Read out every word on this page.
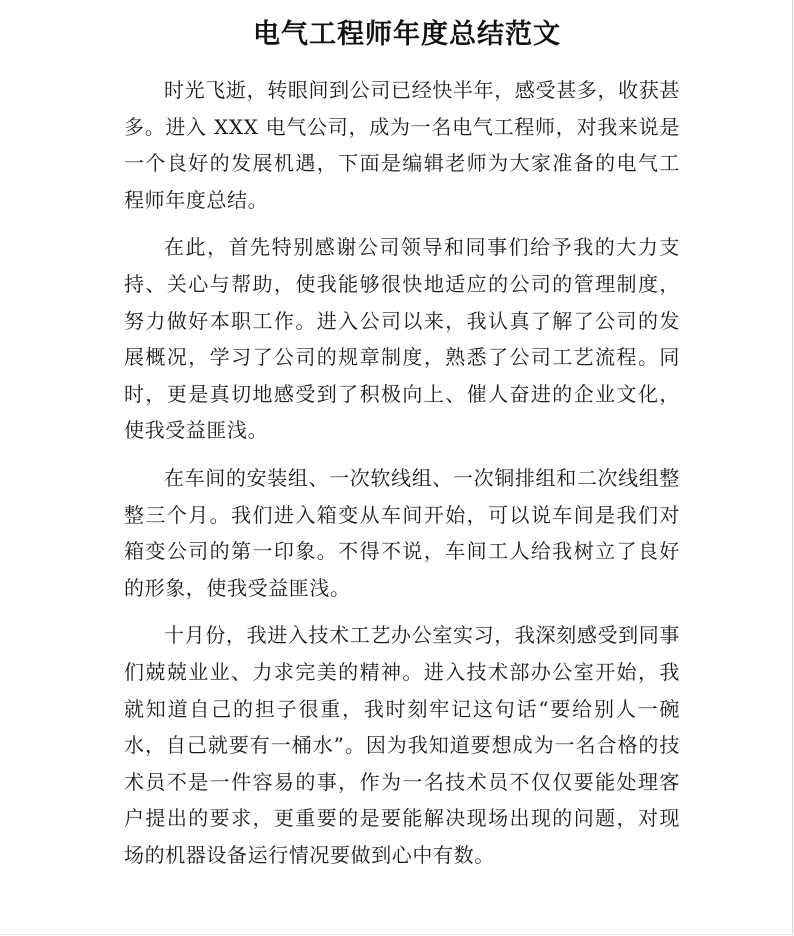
电气工程师年度总结范文

时光飞逝，转眼间到公司已经快半年，感受甚多，收获甚多。进入 XXX 电气公司，成为一名电气工程师，对我来说是一个良好的发展机遇，下面是编辑老师为大家准备的电气工程师年度总结。

在此，首先特别感谢公司领导和同事们给予我的大力支持、关心与帮助，使我能够很快地适应的公司的管理制度，努力做好本职工作。进入公司以来，我认真了解了公司的发展概况，学习了公司的规章制度，熟悉了公司工艺流程。同时，更是真切地感受到了积极向上、催人奋进的企业文化，使我受益匪浅。

在车间的安装组、一次软线组、一次铜排组和二次线组整整三个月。我们进入箱变从车间开始，可以说车间是我们对箱变公司的第一印象。不得不说，车间工人给我树立了良好的形象，使我受益匪浅。

十月份，我进入技术工艺办公室实习，我深刻感受到同事们兢兢业业、力求完美的精神。进入技术部办公室开始，我就知道自己的担子很重，我时刻牢记这句话“要给别人一碗水，自己就要有一桶水”。因为我知道要想成为一名合格的技术员不是一件容易的事，作为一名技术员不仅仅要能处理客户提出的要求，更重要的是要能解决现场出现的问题，对现场的机器设备运行情况要做到心中有数。
